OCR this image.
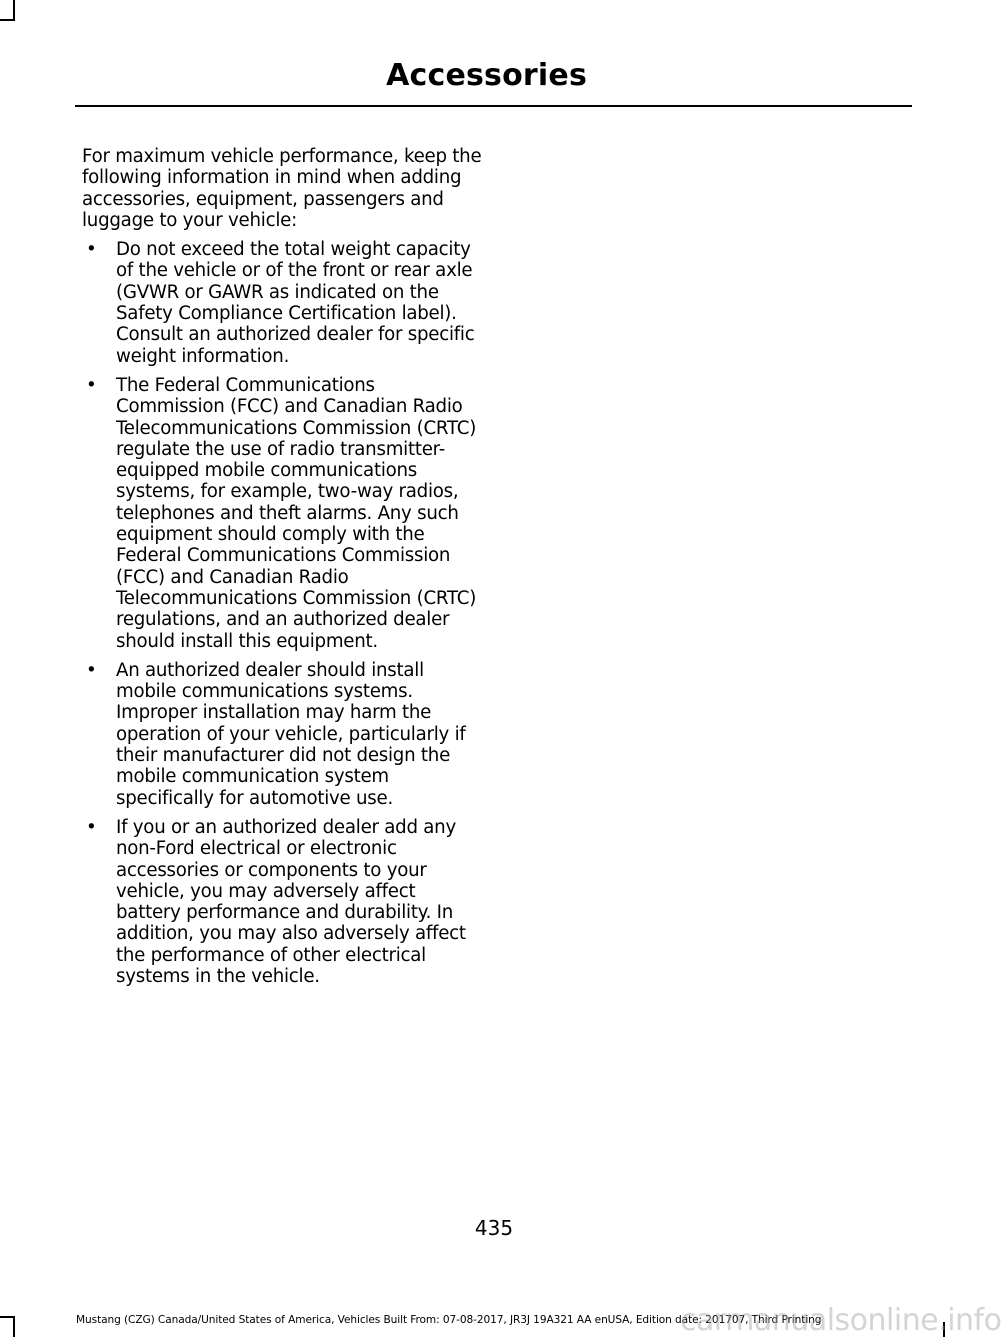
Accessories

For maximum vehicle performance, keep the following information in mind when adding accessories, equipment, passengers and luggage to your vehicle:

• Do not exceed the total weight capacity of the vehicle or of the front or rear axle (GVWR or GAWR as indicated on the Safety Compliance Certification label). Consult an authorized dealer for specific weight information.
• The Federal Communications Commission (FCC) and Canadian Radio Telecommunications Commission (CRTC) regulate the use of radio transmitter-equipped mobile communications systems, for example, two-way radios, telephones and theft alarms. Any such equipment should comply with the Federal Communications Commission (FCC) and Canadian Radio Telecommunications Commission (CRTC) regulations, and an authorized dealer should install this equipment.
• An authorized dealer should install mobile communications systems. Improper installation may harm the operation of your vehicle, particularly if their manufacturer did not design the mobile communication system specifically for automotive use.
• If you or an authorized dealer add any non-Ford electrical or electronic accessories or components to your vehicle, you may adversely affect battery performance and durability. In addition, you may also adversely affect the performance of other electrical systems in the vehicle.
435
Mustang (CZG) Canada/United States of America, Vehicles Built From: 07-08-2017, JR3J 19A321 AA enUSA, Edition date: 201707, Third Printing
carmanualsonline.info
